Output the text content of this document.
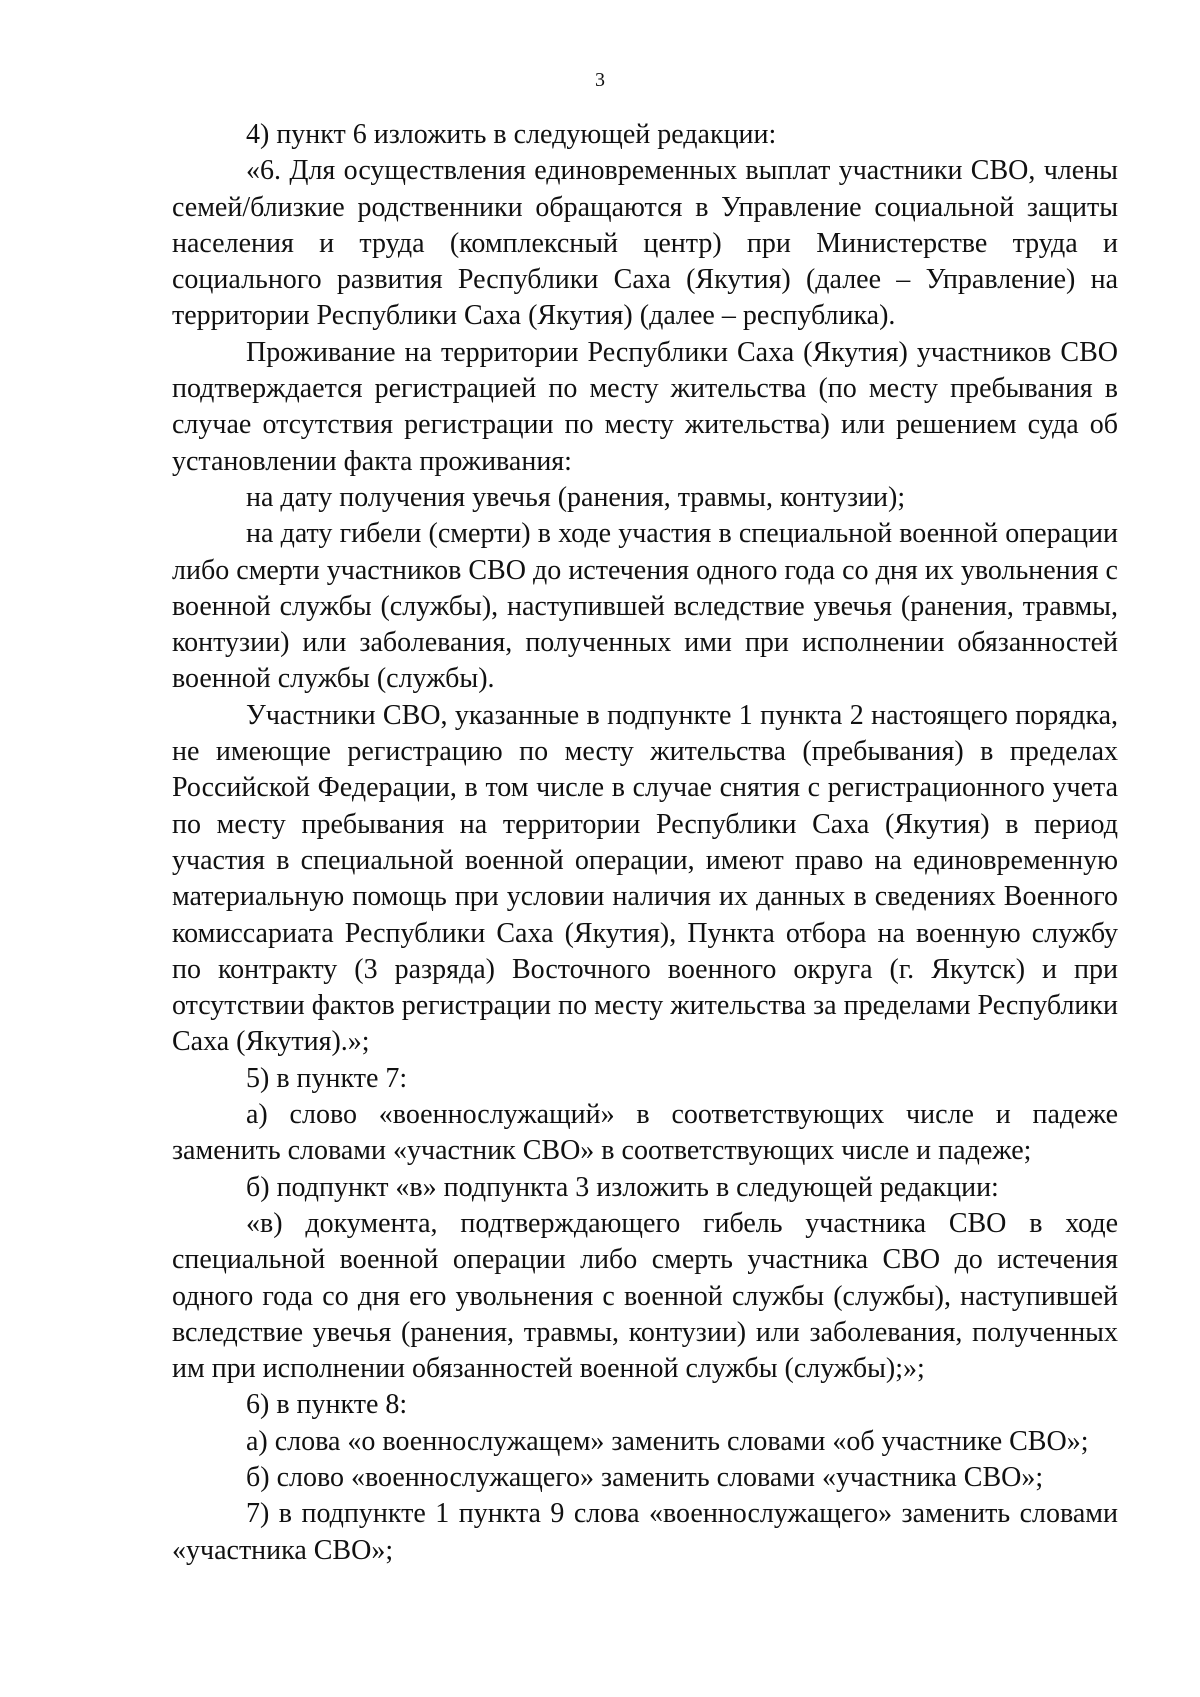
3

4) пункт 6 изложить в следующей редакции:

«6. Для осуществления единовременных выплат участники СВО, члены семей/близкие родственники обращаются в Управление социальной защиты населения и труда (комплексный центр) при Министерстве труда и социального развития Республики Саха (Якутия) (далее – Управление) на территории Республики Саха (Якутия) (далее – республика).

Проживание на территории Республики Саха (Якутия) участников СВО подтверждается регистрацией по месту жительства (по месту пребывания в случае отсутствия регистрации по месту жительства) или решением суда об установлении факта проживания:

на дату получения увечья (ранения, травмы, контузии);

на дату гибели (смерти) в ходе участия в специальной военной операции либо смерти участников СВО до истечения одного года со дня их увольнения с военной службы (службы), наступившей вследствие увечья (ранения, травмы, контузии) или заболевания, полученных ими при исполнении обязанностей военной службы (службы).

Участники СВО, указанные в подпункте 1 пункта 2 настоящего порядка, не имеющие регистрацию по месту жительства (пребывания) в пределах Российской Федерации, в том числе в случае снятия с регистрационного учета по месту пребывания на территории Республики Саха (Якутия) в период участия в специальной военной операции, имеют право на единовременную материальную помощь при условии наличия их данных в сведениях Военного комиссариата Республики Саха (Якутия), Пункта отбора на военную службу по контракту (3 разряда) Восточного военного округа (г. Якутск) и при отсутствии фактов регистрации по месту жительства за пределами Республики Саха (Якутия).»;

5) в пункте 7:

а) слово «военнослужащий» в соответствующих числе и падеже заменить словами «участник СВО» в соответствующих числе и падеже;

б) подпункт «в» подпункта 3 изложить в следующей редакции:

«в) документа, подтверждающего гибель участника СВО в ходе специальной военной операции либо смерть участника СВО до истечения одного года со дня его увольнения с военной службы (службы), наступившей вследствие увечья (ранения, травмы, контузии) или заболевания, полученных им при исполнении обязанностей военной службы (службы);»;

6) в пункте 8:

а) слова «о военнослужащем» заменить словами «об участнике СВО»;

б) слово «военнослужащего» заменить словами «участника СВО»;

7) в подпункте 1 пункта 9 слова «военнослужащего» заменить словами «участника СВО»;
